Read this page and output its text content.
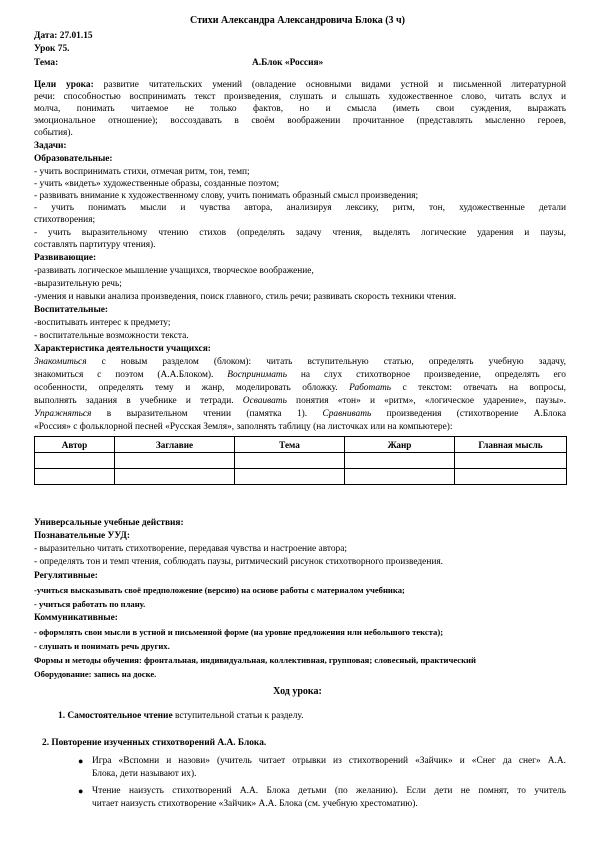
Стихи Александра Александровича Блока (3 ч)
Дата: 27.01.15
Урок 75.
Тема:	А.Блок «Россия»
Цели урока: развитие читательских умений (овладение основными видами устной и письменной литературной
речи: способностью воспринимать текст произведения, слушать и слышать художественное слово, читать вслух и
молча, понимать читаемое не только фактов, но и смысла (иметь свои суждения, выражать
эмоциональное отношение); воссоздавать в своём воображении прочитанное (представлять мысленно героев,
события).
Задачи:
Образовательные:
- учить воспринимать стихи, отмечая ритм, тон, темп;
- учить «видеть» художественные образы, созданные поэтом;
- развивать внимание к художественному слову, учить понимать образный смысл произведения;
- учить понимать мысли и чувства автора, анализируя лексику, ритм, тон, художественные детали
стихотворения;
- учить выразительному чтению стихов (определять задачу чтения, выделять логические ударения и паузы,
составлять партитуру чтения).
Развивающие:
-развивать логическое мышление учащихся, творческое воображение,
-выразительную речь;
-умения и навыки анализа произведения, поиск главного, стиль речи; развивать скорость техники чтения.
Воспитательные:
-воспитывать интерес к предмету;
- воспитательные возможности текста.
Характеристика деятельности учащихся:
Знакомиться с новым разделом (блоком): читать вступительную статью, определять учебную задачу,
знакомиться с поэтом (А.А.Блоком). Воспринимать на слух стихотворное произведение, определять его
особенности, определять тему и жанр, моделировать обложку. Работать с текстом: отвечать на вопросы,
выполнять задания в учебнике и тетради. Осваивать понятия «тон» и «ритм», «логическое ударение», паузы».
Упражняться в выразительном чтении (памятка 1). Сравнивать произведения (стихотворение А.Блока
«Россия» с фольклорной песней «Русская Земля», заполнять таблицу (на листочках или на компьютере):
Автор	Заглавие	Тема	Жанр	Главная мысль

Универсальные учебные действия:
Познавательные УУД:
- выразительно читать стихотворение, передавая чувства и настроение автора;
- определять тон и темп чтения, соблюдать паузы, ритмический рисунок стихотворного произведения.
Регулятивные:
-учиться высказывать своё предположение (версию) на основе работы с материалом учебника;
- учиться работать по плану.
Коммуникативные:
- оформлять свои мысли в устной и письменной форме (на уровне предложения или небольшого текста);
- слушать и понимать речь других.
Формы и методы обучения: фронтальная, индивидуальная, коллективная, групповая; словесный, практический
Оборудование: запись на доске.
Ход урока:
1. Самостоятельное чтение вступительной статьи к разделу.
2. Повторение изученных стихотворений А.А. Блока.
● Игра «Вспомни и назови» (учитель читает отрывки из стихотворений «Зайчик» и «Снег да снег» А.А.
Блока, дети называют их).
● Чтение наизусть стихотворений А.А. Блока детьми (по желанию). Если дети не помнят, то учитель
читает наизусть стихотворение «Зайчик» А.А. Блока (см. учебную хрестоматию).
